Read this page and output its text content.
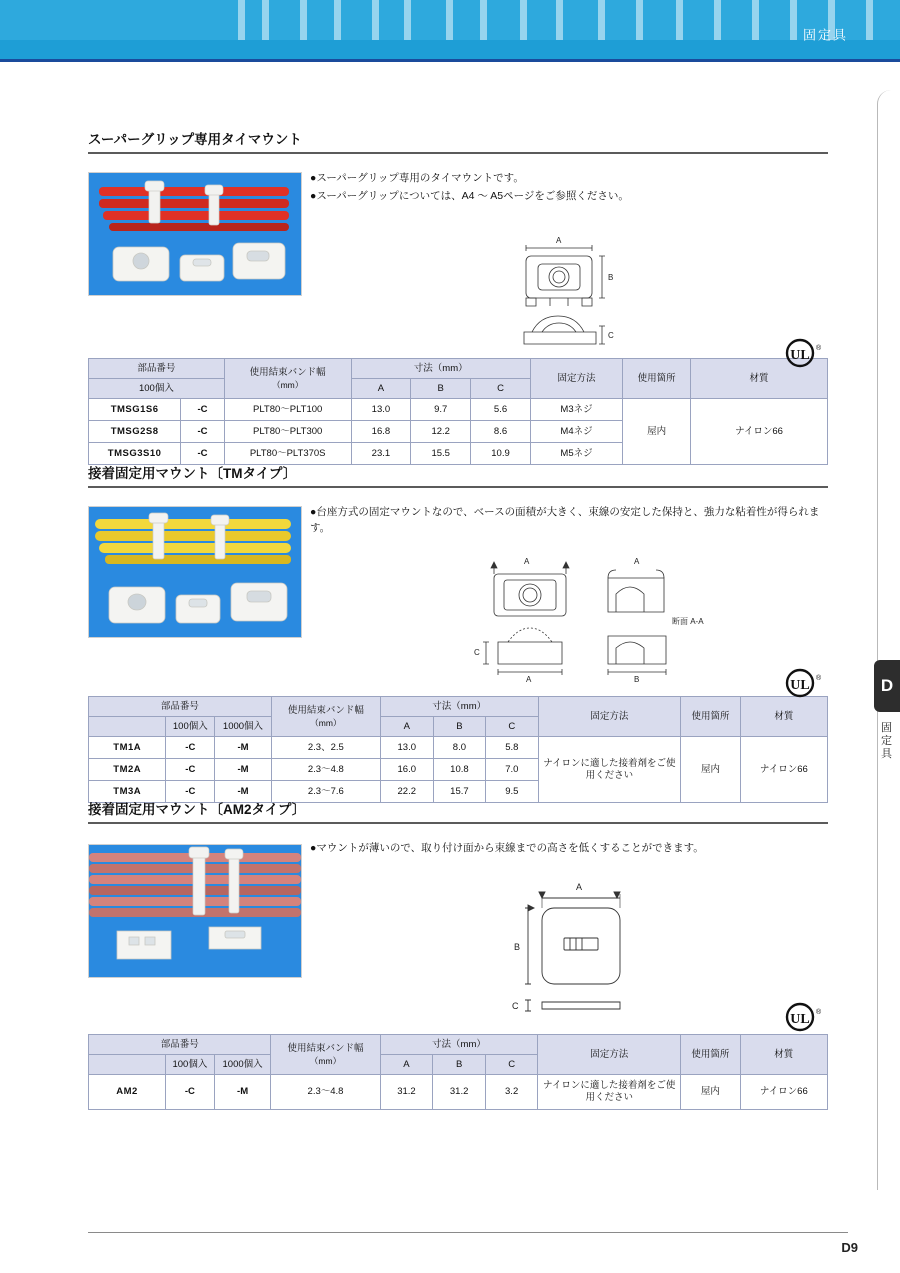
固定具
D
固定具
スーパーグリップ専用タイマウント
●スーパーグリップ専用のタイマウントです。
●スーパーグリップについては、A4 ～ A5ページをご参照ください。
A
B
C
UL ®
部品番号		使用結束バンド幅
（mm）	寸法（mm）			固定方法	使用箇所	材質
100個入			A	B	C			
TMSG1S6	-C	PLT80～PLT100	13.0	9.7	5.6	M3ネジ	屋内	ナイロン66
TMSG2S8	-C	PLT80～PLT300	16.8	12.2	8.6	M4ネジ		
TMSG3S10	-C	PLT80～PLT370S	23.1	15.5	10.9	M5ネジ		
接着固定用マウント〔TMタイプ〕
●台座方式の固定マウントなので、ベースの面積が大きく、束線の安定した保持と、強力な粘着性が得られます。
A	A
C
A	B
断面 A-A
UL ®
部品番号			使用結束バンド幅
（mm）	寸法（mm）			固定方法	使用箇所	材質
	100個入	1000個入		A	B	C			
TM1A	-C	-M	2.3、2.5	13.0	8.0	5.8	ナイロンに適した接着剤をご使用ください	屋内	ナイロン66
TM2A	-C	-M	2.3～4.8	16.0	10.8	7.0			
TM3A	-C	-M	2.3～7.6	22.2	15.7	9.5			
接着固定用マウント〔AM2タイプ〕
●マウントが薄いので、取り付け面から束線までの高さを低くすることができます。
A
B
C
UL ®
部品番号			使用結束バンド幅
（mm）	寸法（mm）			固定方法	使用箇所	材質
	100個入	1000個入		A	B	C			
AM2	-C	-M	2.3～4.8	31.2	31.2	3.2	ナイロンに適した接着剤をご使用ください	屋内	ナイロン66
D9
